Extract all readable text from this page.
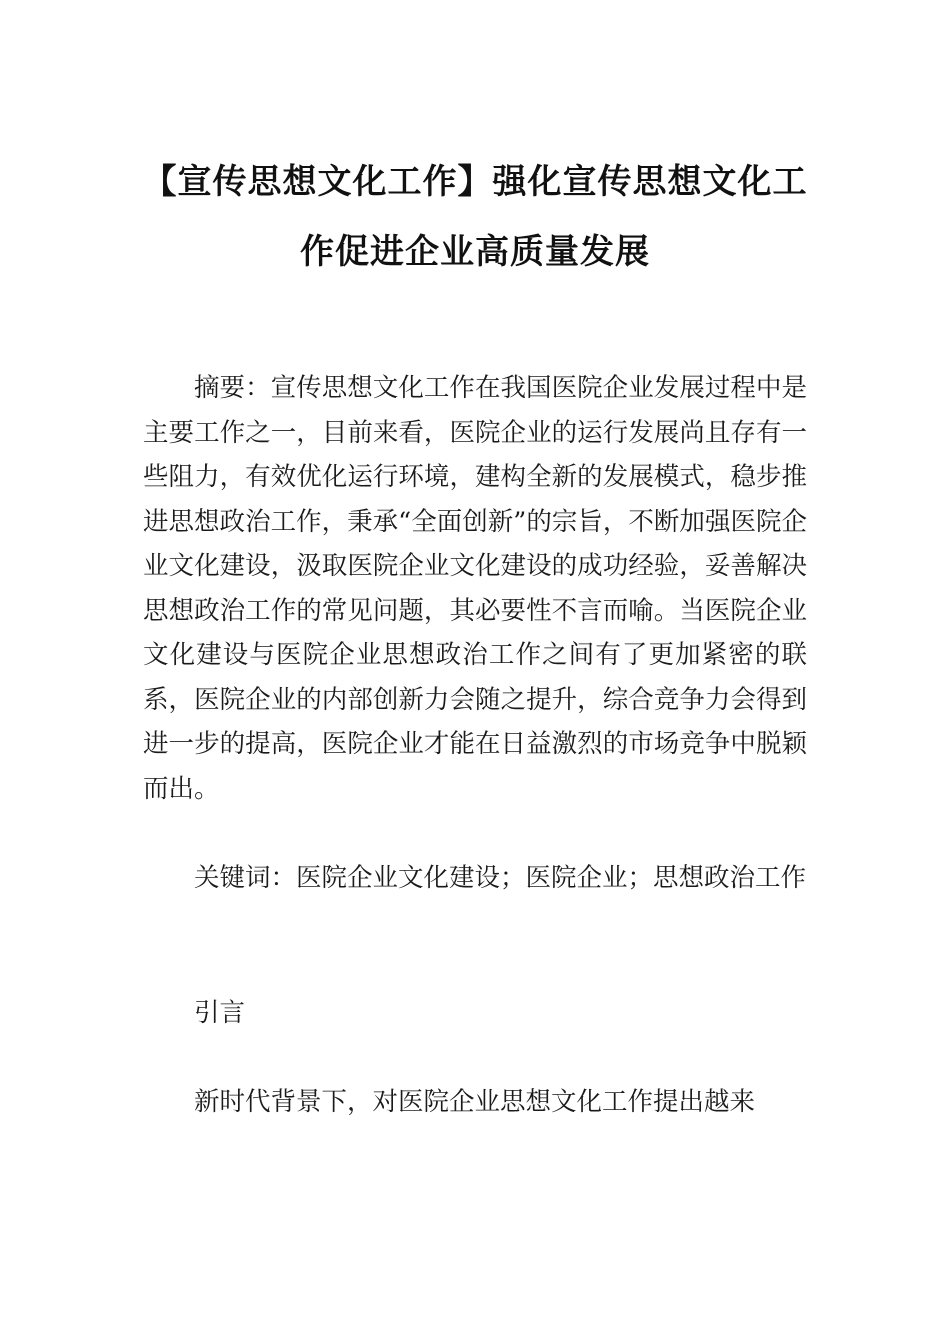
【宣传思想文化工作】强化宣传思想文化工
作促进企业高质量发展

摘要：宣传思想文化工作在我国医院企业发展过程中是主要工作之一，目前来看，医院企业的运行发展尚且存有一些阻力，有效优化运行环境，建构全新的发展模式，稳步推进思想政治工作，秉承“全面创新”的宗旨，不断加强医院企业文化建设，汲取医院企业文化建设的成功经验，妥善解决思想政治工作的常见问题，其必要性不言而喻。当医院企业文化建设与医院企业思想政治工作之间有了更加紧密的联系，医院企业的内部创新力会随之提升，综合竞争力会得到进一步的提高，医院企业才能在日益激烈的市场竞争中脱颖而出。

关键词：医院企业文化建设；医院企业；思想政治工作

引言

新时代背景下，对医院企业思想文化工作提出越来
